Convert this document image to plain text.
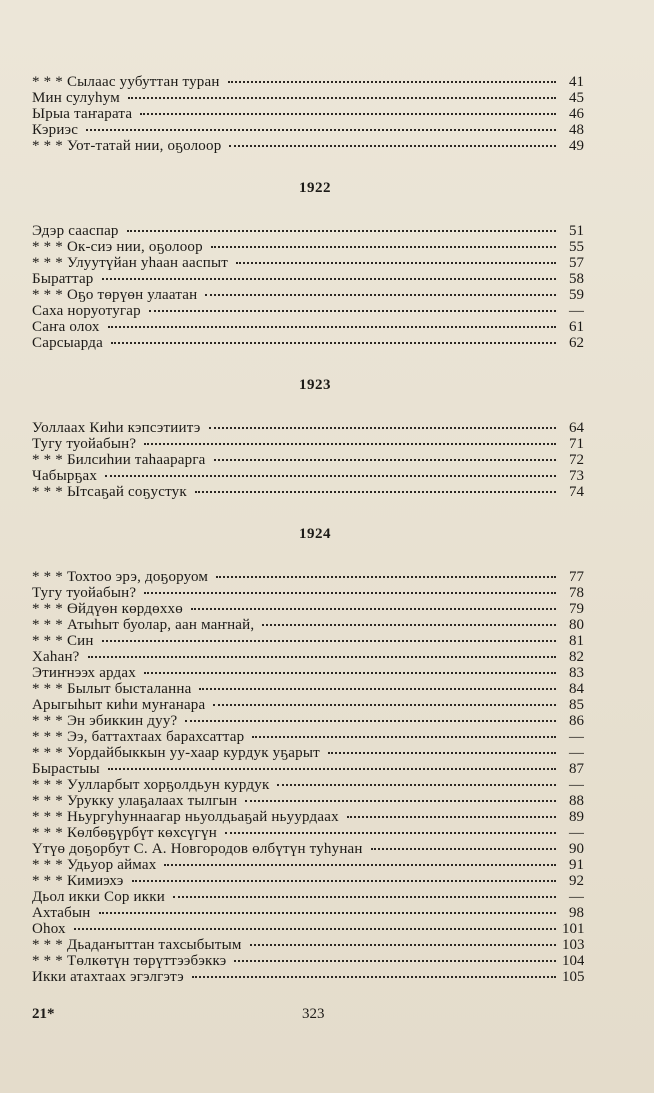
* * * Сылаас уубуттан туран	41
Мин сулуһум	45
Ырыа таҥарата	46
Кэриэс	48
* * * Уот-татай нии, оҕолоор	49
1922
Эдэр сааспар	51
* * * Ок-сиэ нии, оҕолоор	55
* * * Улуутүйан уһаан ааспыт	57
Быраттар	58
* * * Оҕо төрүөн улаатан	59
Саха норуотугар	—
Саҥа олох	61
Сарсыарда	62
1923
Уоллаах Киһи кэпсэтиитэ	64
Тугу туойабын?	71
* * * Билсиһии таһаарарга	72
Чабырҕах	73
* * * Ытсаҕай соҕустук	74
1924
* * * Тохтоо эрэ, доҕоруом	77
Тугу туойабын?	78
* * * Өйдүөн көрдөххө	79
* * * Атыһыт буолар, аан маҥнай,	80
* * * Син	81
Хаһан?	82
Этиҥнээх ардах	83
* * * Былыт бысталанна	84
Арыгыһыт киһи муҥанара	85
* * * Эн эбиккин дуу?	86
* * * Ээ, баттахтаах барахсаттар	—
* * * Уордайбыккын уу-хаар курдук уҕарыт	—
Бырастыы	87
* * * Уулларбыт хорҕолдьун курдук	—
* * * Урукку улаҕалаах тылгын	88
* * * Ньургуһуннаагар ньуолдьаҕай ньуурдаах	89
* * * Көлбөҕүрбүт көхсүгүн	—
Үтүө доҕорбут С. А. Новгородов өлбүтүн туһунан	90
* * * Удьуор аймах	91
* * * Кимиэхэ	92
Дьол икки Сор икки	—
Ахтабын	98
Оһох	101
* * * Дьадаҥыттан тахсыбытым	103
* * * Төлкөтүн төрүттээбэккэ	104
Икки атахтаах эгэлгэтэ	105
21*	323
